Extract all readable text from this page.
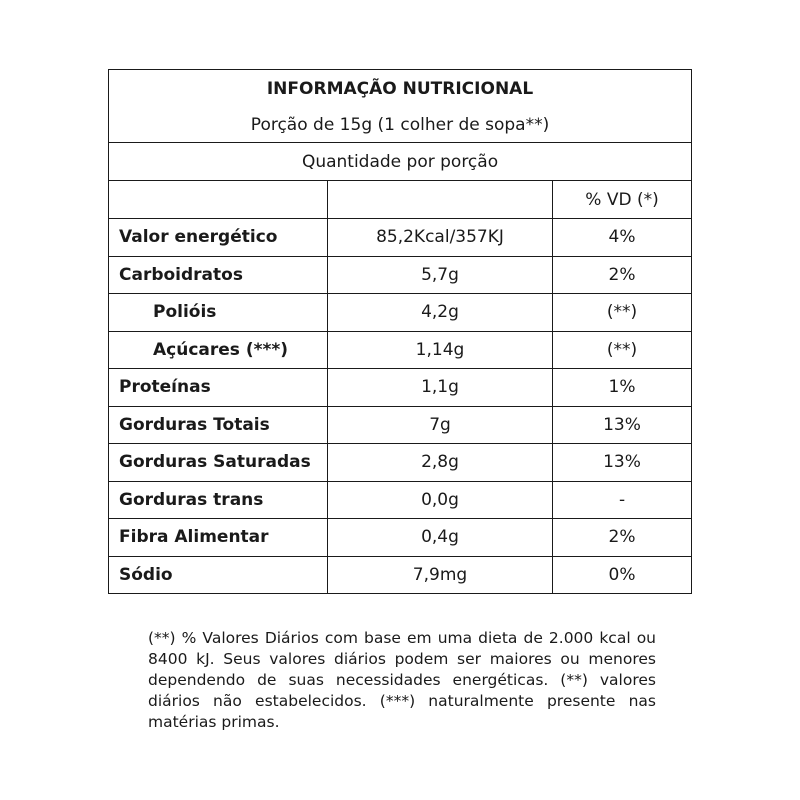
INFORMAÇÃO NUTRICIONAL		
Porção de 15g (1 colher de sopa**)		
Quantidade por porção		
		% VD (*)
Valor energético	85,2Kcal/357KJ	4%
Carboidratos	5,7g	2%
Polióis	4,2g	(**)
Açúcares (***)	1,14g	(**)
Proteínas	1,1g	1%
Gorduras Totais	7g	13%
Gorduras Saturadas	2,8g	13%
Gorduras trans	0,0g	-
Fibra Alimentar	0,4g	2%
Sódio	7,9mg	0%
(**) % Valores Diários com base em uma dieta de 2.000 kcal ou 8400 kJ. Seus valores diários podem ser maiores ou menores dependendo de suas necessidades energéticas. (**) valores diários não estabelecidos. (***) naturalmente presente nas matérias primas.
